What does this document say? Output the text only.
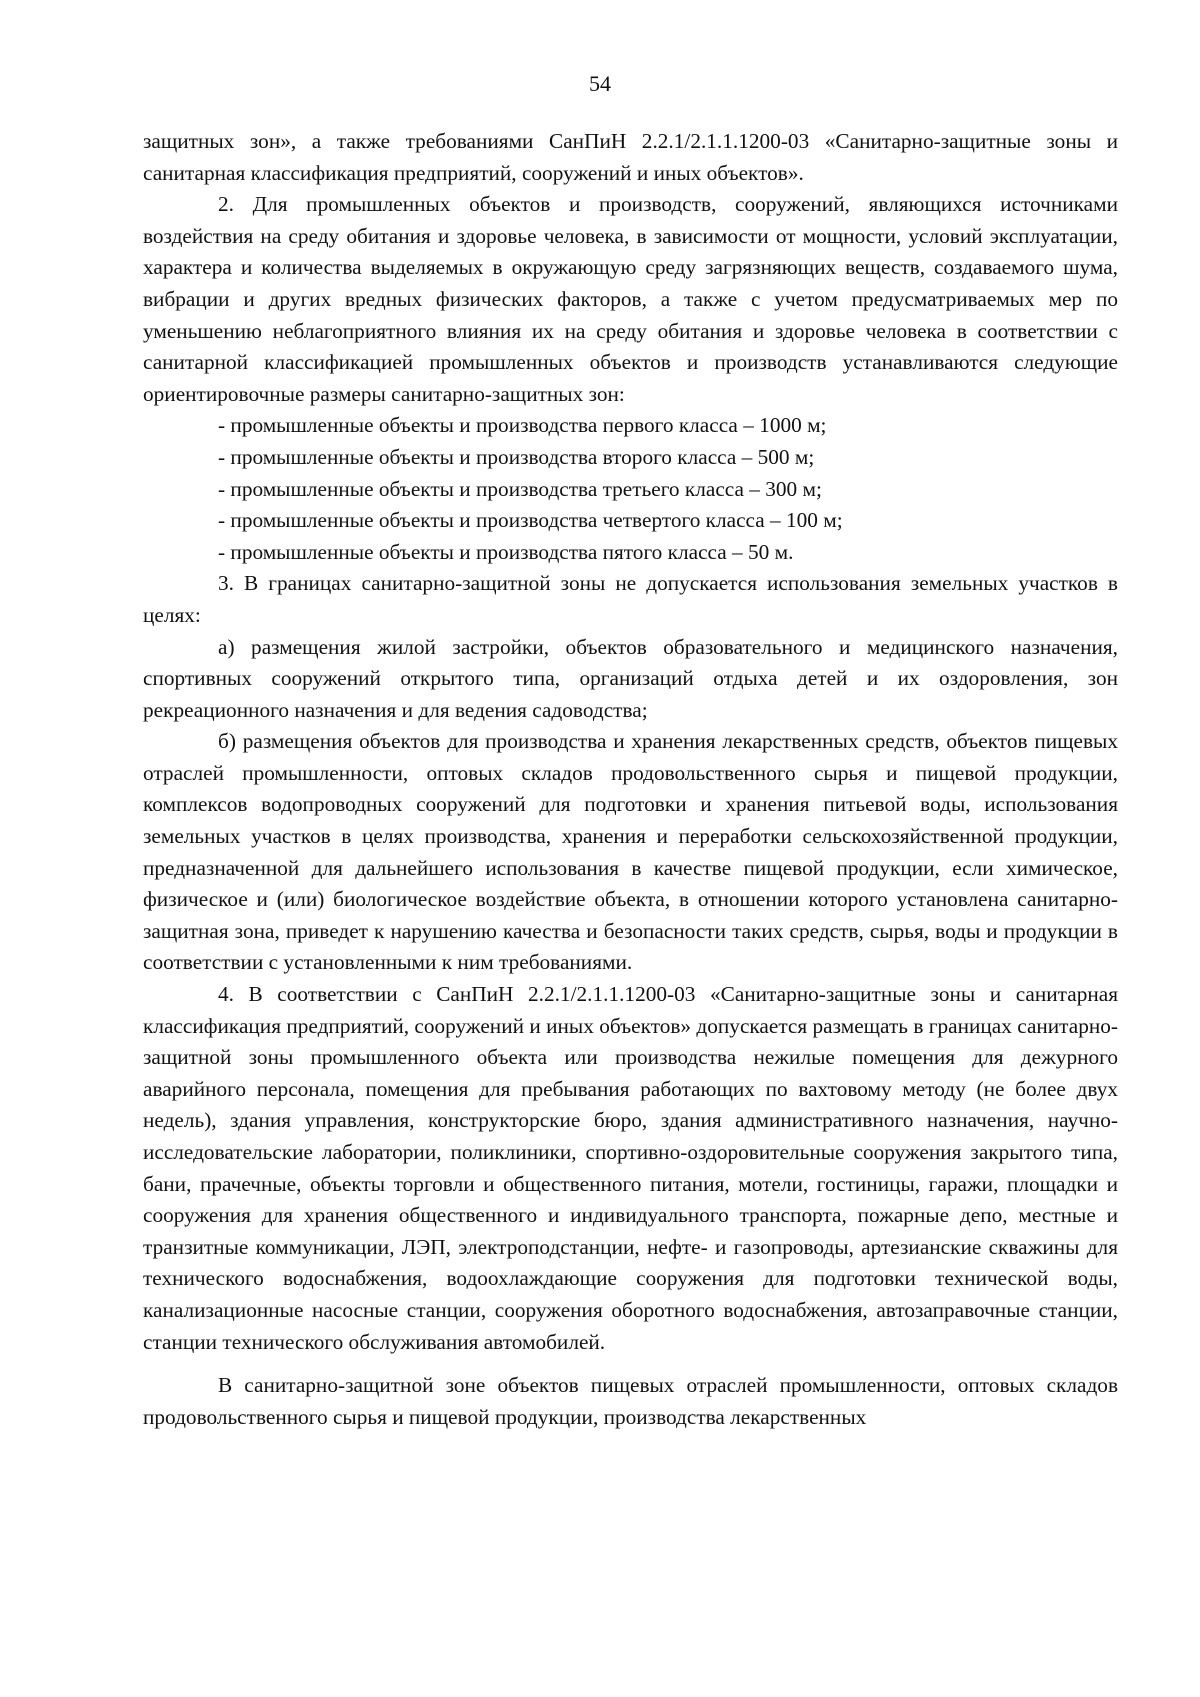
54

защитных зон», а также требованиями СанПиН 2.2.1/2.1.1.1200-03 «Санитарно-защитные зоны и санитарная классификация предприятий, сооружений и иных объектов».

2. Для промышленных объектов и производств, сооружений, являющихся источниками воздействия на среду обитания и здоровье человека, в зависимости от мощности, условий эксплуатации, характера и количества выделяемых в окружающую среду загрязняющих веществ, создаваемого шума, вибрации и других вредных физических факторов, а также с учетом предусматриваемых мер по уменьшению неблагоприятного влияния их на среду обитания и здоровье человека в соответствии с санитарной классификацией промышленных объектов и производств устанавливаются следующие ориентировочные размеры санитарно-защитных зон:

- промышленные объекты и производства первого класса – 1000 м;

- промышленные объекты и производства второго класса – 500 м;

- промышленные объекты и производства третьего класса – 300 м;

- промышленные объекты и производства четвертого класса – 100 м;

- промышленные объекты и производства пятого класса – 50 м.

3. В границах санитарно-защитной зоны не допускается использования земельных участков в целях:

а) размещения жилой застройки, объектов образовательного и медицинского назначения, спортивных сооружений открытого типа, организаций отдыха детей и их оздоровления, зон рекреационного назначения и для ведения садоводства;

б) размещения объектов для производства и хранения лекарственных средств, объектов пищевых отраслей промышленности, оптовых складов продовольственного сырья и пищевой продукции, комплексов водопроводных сооружений для подготовки и хранения питьевой воды, использования земельных участков в целях производства, хранения и переработки сельскохозяйственной продукции, предназначенной для дальнейшего использования в качестве пищевой продукции, если химическое, физическое и (или) биологическое воздействие объекта, в отношении которого установлена санитарно-защитная зона, приведет к нарушению качества и безопасности таких средств, сырья, воды и продукции в соответствии с установленными к ним требованиями.

4. В соответствии с СанПиН 2.2.1/2.1.1.1200-03 «Санитарно-защитные зоны и санитарная классификация предприятий, сооружений и иных объектов» допускается размещать в границах санитарно-защитной зоны промышленного объекта или производства нежилые помещения для дежурного аварийного персонала, помещения для пребывания работающих по вахтовому методу (не более двух недель), здания управления, конструкторские бюро, здания административного назначения, научно-исследовательские лаборатории, поликлиники, спортивно-оздоровительные сооружения закрытого типа, бани, прачечные, объекты торговли и общественного питания, мотели, гостиницы, гаражи, площадки и сооружения для хранения общественного и индивидуального транспорта, пожарные депо, местные и транзитные коммуникации, ЛЭП, электроподстанции, нефте- и газопроводы, артезианские скважины для технического водоснабжения, водоохлаждающие сооружения для подготовки технической воды, канализационные насосные станции, сооружения оборотного водоснабжения, автозаправочные станции, станции технического обслуживания автомобилей.

В санитарно-защитной зоне объектов пищевых отраслей промышленности, оптовых складов продовольственного сырья и пищевой продукции, производства лекарственных
